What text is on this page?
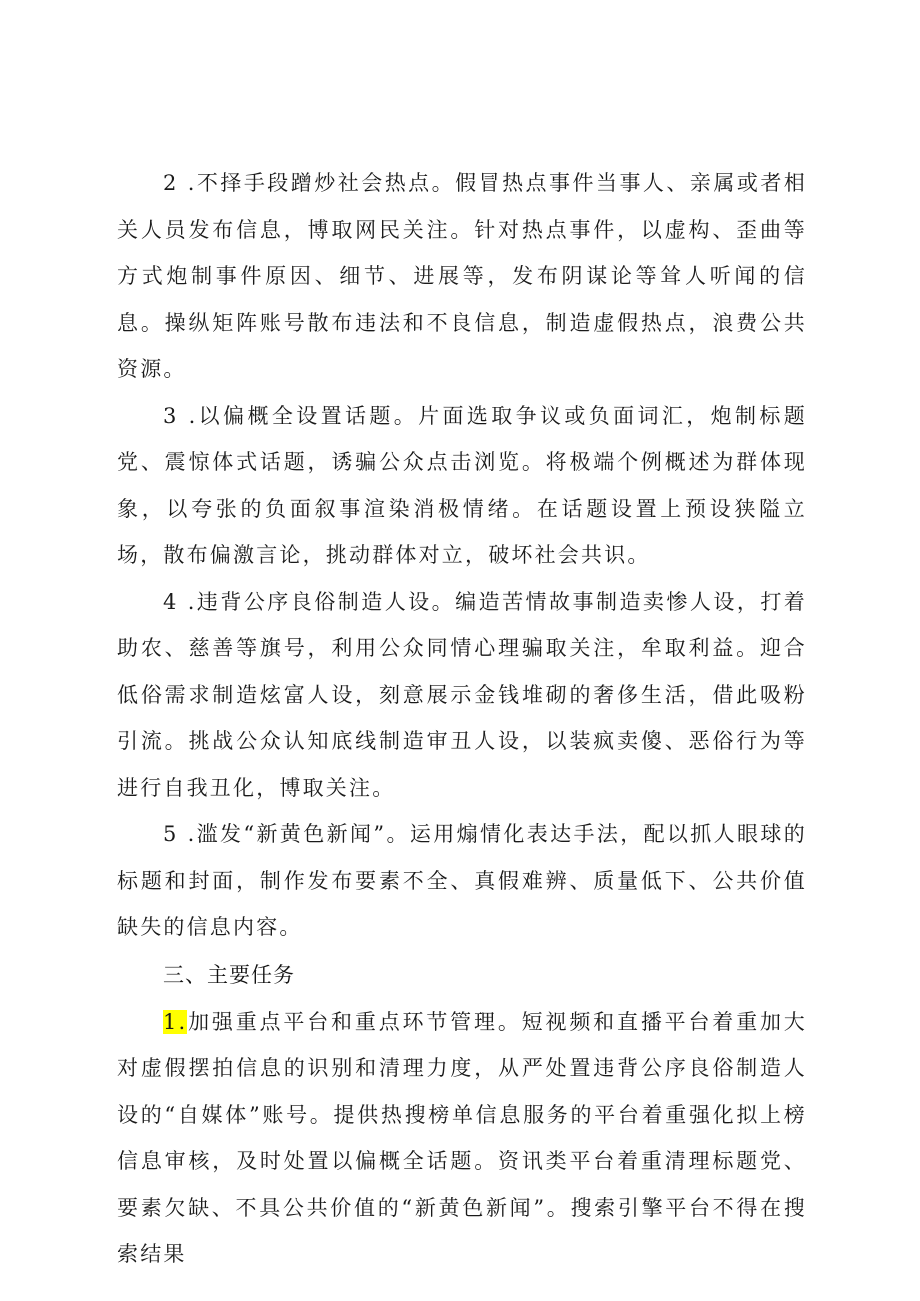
2 .不择手段蹭炒社会热点。假冒热点事件当事人、亲属或者相关人员发布信息，博取网民关注。针对热点事件，以虚构、歪曲等方式炮制事件原因、细节、进展等，发布阴谋论等耸人听闻的信息。操纵矩阵账号散布违法和不良信息，制造虚假热点，浪费公共资源。

3 .以偏概全设置话题。片面选取争议或负面词汇，炮制标题党、震惊体式话题，诱骗公众点击浏览。将极端个例概述为群体现象，以夸张的负面叙事渲染消极情绪。在话题设置上预设狭隘立场，散布偏激言论，挑动群体对立，破坏社会共识。

4 .违背公序良俗制造人设。编造苦情故事制造卖惨人设，打着助农、慈善等旗号，利用公众同情心理骗取关注，牟取利益。迎合低俗需求制造炫富人设，刻意展示金钱堆砌的奢侈生活，借此吸粉引流。挑战公众认知底线制造审丑人设，以装疯卖傻、恶俗行为等进行自我丑化，博取关注。

5 .滥发“新黄色新闻”。运用煽情化表达手法，配以抓人眼球的标题和封面，制作发布要素不全、真假难辨、质量低下、公共价值缺失的信息内容。

三、主要任务

1.加强重点平台和重点环节管理。短视频和直播平台着重加大对虚假摆拍信息的识别和清理力度，从严处置违背公序良俗制造人设的“自媒体”账号。提供热搜榜单信息服务的平台着重强化拟上榜信息审核，及时处置以偏概全话题。资讯类平台着重清理标题党、要素欠缺、不具公共价值的“新黄色新闻”。搜索引擎平台不得在搜索结果
